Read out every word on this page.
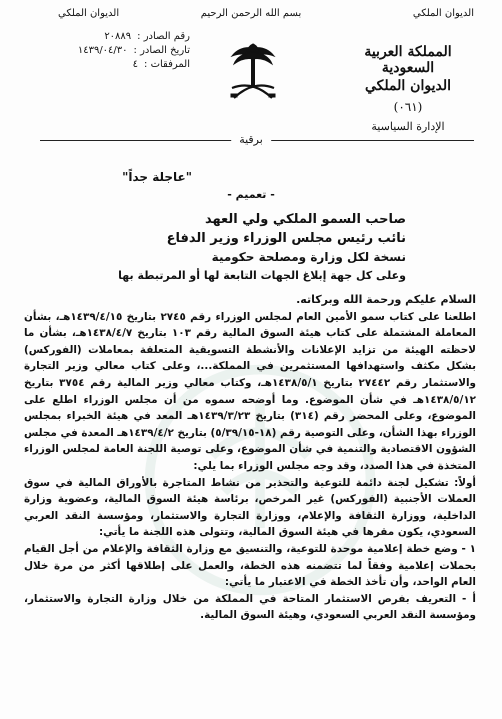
الديوان الملكي
بسم الله الرحمن الرحيم
الديوان الملكي
رقم الصادر :
٢٠٨٨٩
تاريخ الصادر :
١٤٣٩/٠٤/٣٠
المرفقات :
٤
المملكة العربية السعودية
الديوان الملكي
(٠٦١)
الإدارة السياسية
برقية
"عاجلة جداً"
- تعميم -
صاحب السمو الملكي ولي العهد
نائب رئيس مجلس الوزراء وزير الدفاع
نسخة لكل وزارة ومصلحة حكومية
وعلى كل جهة إبلاغ الجهات التابعة لها أو المرتبطة بها

السلام عليكم ورحمة الله وبركاته.

اطلعنا على كتاب سمو الأمين العام لمجلس الوزراء رقم ٢٧٤٥ بتاريخ ١٤٣٩/٤/١٥هـ، بشأن المعاملة المشتملة على كتاب هيئة السوق المالية رقم ١٠٣ بتاريخ ١٤٣٨/٤/٧هـ، بشأن ما لاحظته الهيئة من تزايد الإعلانات والأنشطة التسويقية المتعلقة بمعاملات (الفوركس) بشكل مكثف واستهدافها المستثمرين في المملكة...، وعلى كتاب معالي وزير التجارة والاستثمار رقم ٢٧٤٤٢ بتاريخ ١٤٣٨/٥/١هـ، وكتاب معالي وزير المالية رقم ٣٧٥٤ بتاريخ ١٤٣٨/٥/١٢هـ في شأن الموضوع. وما أوضحه سموه من أن مجلس الوزراء اطلع على الموضوع، وعلى المحضر رقم (٣١٤) بتاريخ ١٤٣٩/٣/٢٣هـ المعد في هيئة الخبراء بمجلس الوزراء بهذا الشأن، وعلى التوصية رقم (١٨-٥/٣٩/١٥) بتاريخ ١٤٣٩/٤/٢هـ المعدة في مجلس الشؤون الاقتصادية والتنمية في شأن الموضوع، وعلى توصية اللجنة العامة لمجلس الوزراء المتخذة في هذا الصدد، وقد وجه مجلس الوزراء بما يلي:

أولاً: تشكيل لجنة دائمة للتوعية والتحذير من نشاط المتاجرة بالأوراق المالية في سوق العملات الأجنبية (الفوركس) غير المرخص، برئاسة هيئة السوق المالية، وعضوية وزارة الداخلية، ووزارة الثقافة والإعلام، ووزارة التجارة والاستثمار، ومؤسسة النقد العربي السعودي، يكون مقرها في هيئة السوق المالية، وتتولى هذه اللجنة ما يأتي:

١ - وضع خطة إعلامية موحدة للتوعية، والتنسيق مع وزارة الثقافة والإعلام من أجل القيام بحملات إعلامية وفقاً لما تتضمنه هذه الخطة، والعمل على إطلاقها أكثر من مرة خلال العام الواحد، وأن تأخذ الخطة في الاعتبار ما يأتي:

أ - التعريف بفرص الاستثمار المتاحة في المملكة من خلال وزارة التجارة والاستثمار، ومؤسسة النقد العربي السعودي، وهيئة السوق المالية.
